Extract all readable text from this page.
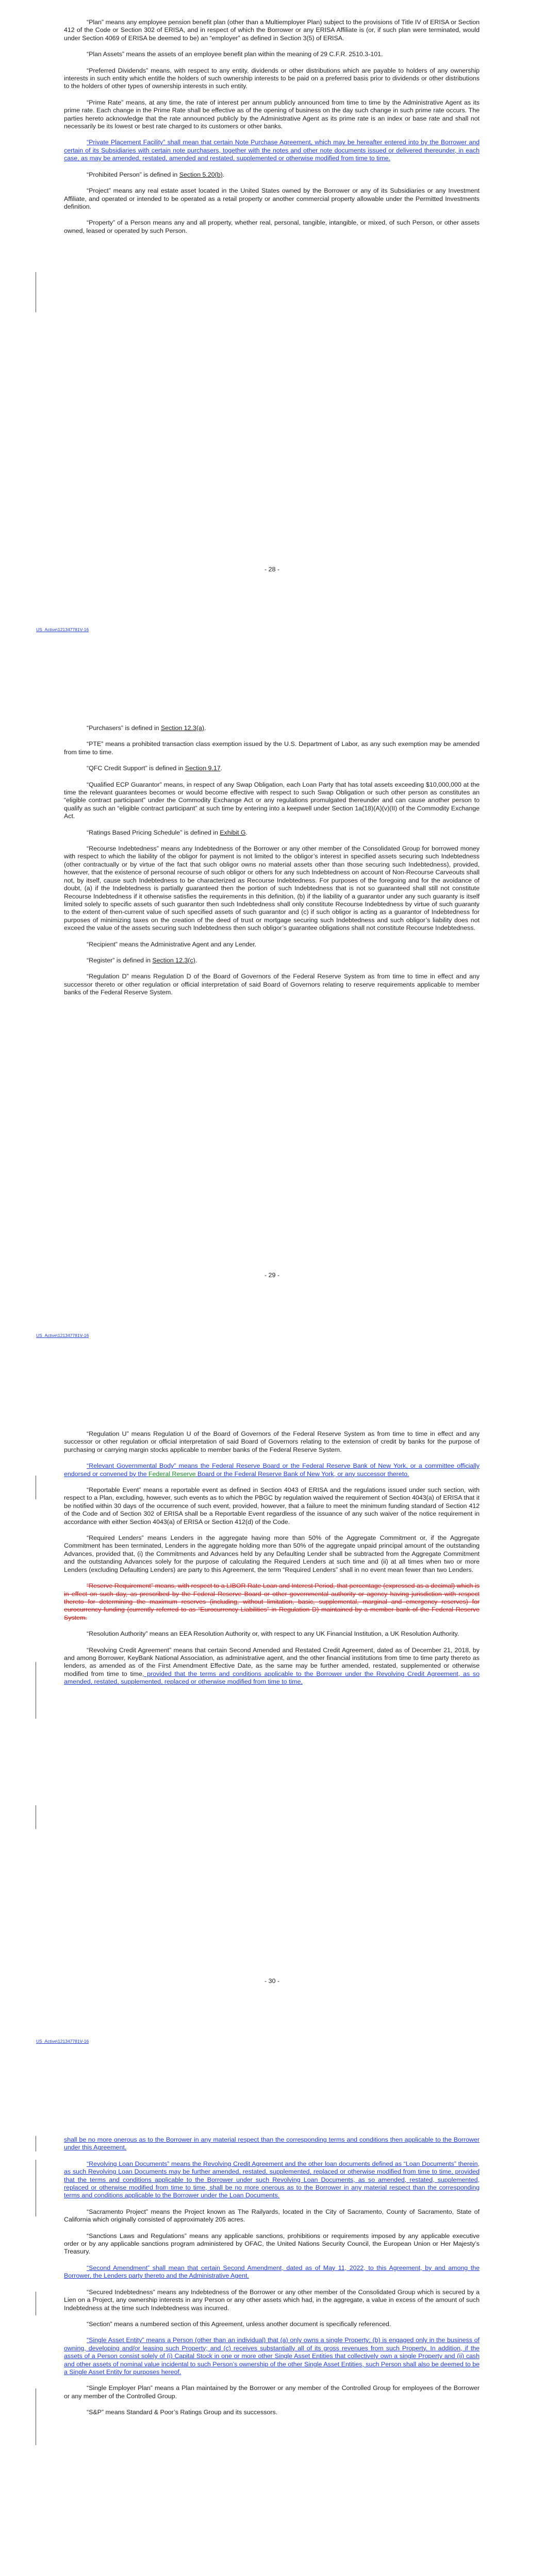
“Plan” means any employee pension benefit plan (other than a Multiemployer Plan) subject to the provisions of Title IV of ERISA or Section 412 of the Code or Section 302 of ERISA, and in respect of which the Borrower or any ERISA Affiliate is (or, if such plan were terminated, would under Section 4069 of ERISA be deemed to be) an “employer” as defined in Section 3(5) of ERISA.

“Plan Assets” means the assets of an employee benefit plan within the meaning of 29 C.F.R. 2510.3-101.

“Preferred Dividends” means, with respect to any entity, dividends or other distributions which are payable to holders of any ownership interests in such entity which entitle the holders of such ownership interests to be paid on a preferred basis prior to dividends or other distributions to the holders of other types of ownership interests in such entity.

“Prime Rate” means, at any time, the rate of interest per annum publicly announced from time to time by the Administrative Agent as its prime rate. Each change in the Prime Rate shall be effective as of the opening of business on the day such change in such prime rate occurs. The parties hereto acknowledge that the rate announced publicly by the Administrative Agent as its prime rate is an index or base rate and shall not necessarily be its lowest or best rate charged to its customers or other banks.

“Private Placement Facility” shall mean that certain Note Purchase Agreement, which may be hereafter entered into by the Borrower and certain of its Subsidiaries with certain note purchasers, together with the notes and other note documents issued or delivered thereunder, in each case, as may be amended, restated, amended and restated, supplemented or otherwise modified from time to time.

“Prohibited Person” is defined in Section 5.20(b).

“Project” means any real estate asset located in the United States owned by the Borrower or any of its Subsidiaries or any Investment Affiliate, and operated or intended to be operated as a retail property or another commercial property allowable under the Permitted Investments definition.

“Property” of a Person means any and all property, whether real, personal, tangible, intangible, or mixed, of such Person, or other assets owned, leased or operated by such Person.

- 28 -
US_Active\121347781V-16

“Purchasers” is defined in Section 12.3(a).

“PTE” means a prohibited transaction class exemption issued by the U.S. Department of Labor, as any such exemption may be amended from time to time.

“QFC Credit Support” is defined in Section 9.17.

“Qualified ECP Guarantor” means, in respect of any Swap Obligation, each Loan Party that has total assets exceeding $10,000,000 at the time the relevant guarantees becomes or would become effective with respect to such Swap Obligation or such other person as constitutes an “eligible contract participant” under the Commodity Exchange Act or any regulations promulgated thereunder and can cause another person to qualify as such an “eligible contract participant” at such time by entering into a keepwell under Section 1a(18)(A)(v)(II) of the Commodity Exchange Act.

“Ratings Based Pricing Schedule” is defined in Exhibit G.

“Recourse Indebtedness” means any Indebtedness of the Borrower or any other member of the Consolidated Group for borrowed money with respect to which the liability of the obligor for payment is not limited to the obligor’s interest in specified assets securing such Indebtedness (other contractually or by virtue of the fact that such obligor owns no material assets other than those securing such Indebtedness), provided, however, that the existence of personal recourse of such obligor or others for any such Indebtedness on account of Non-Recourse Carveouts shall not, by itself, cause such Indebtedness to be characterized as Recourse Indebtedness. For purposes of the foregoing and for the avoidance of doubt, (a) if the Indebtedness is partially guaranteed then the portion of such Indebtedness that is not so guaranteed shall still not constitute Recourse Indebtedness if it otherwise satisfies the requirements in this definition, (b) if the liability of a guarantor under any such guaranty is itself limited solely to specific assets of such guarantor then such Indebtedness shall only constitute Recourse Indebtedness by virtue of such guaranty to the extent of then-current value of such specified assets of such guarantor and (c) if such obligor is acting as a guarantor of Indebtedness for purposes of minimizing taxes on the creation of the deed of trust or mortgage securing such Indebtedness and such obligor’s liability does not exceed the value of the assets securing such Indebtedness then such obligor’s guarantee obligations shall not constitute Recourse Indebtedness.

“Recipient” means the Administrative Agent and any Lender.

“Register” is defined in Section 12.3(c).

“Regulation D” means Regulation D of the Board of Governors of the Federal Reserve System as from time to time in effect and any successor thereto or other regulation or official interpretation of said Board of Governors relating to reserve requirements applicable to member banks of the Federal Reserve System.

- 29 -
US_Active\121347781V-16

“Regulation U” means Regulation U of the Board of Governors of the Federal Reserve System as from time to time in effect and any successor or other regulation or official interpretation of said Board of Governors relating to the extension of credit by banks for the purpose of purchasing or carrying margin stocks applicable to member banks of the Federal Reserve System.

“Relevant Governmental Body” means the Federal Reserve Board or the Federal Reserve Bank of New York, or a committee officially endorsed or convened by the Federal Reserve Board or the Federal Reserve Bank of New York, or any successor thereto.

“Reportable Event” means a reportable event as defined in Section 4043 of ERISA and the regulations issued under such section, with respect to a Plan, excluding, however, such events as to which the PBGC by regulation waived the requirement of Section 4043(a) of ERISA that it be notified within 30 days of the occurrence of such event, provided, however, that a failure to meet the minimum funding standard of Section 412 of the Code and of Section 302 of ERISA shall be a Reportable Event regardless of the issuance of any such waiver of the notice requirement in accordance with either Section 4043(a) of ERISA or Section 412(d) of the Code.

“Required Lenders” means Lenders in the aggregate having more than 50% of the Aggregate Commitment or, if the Aggregate Commitment has been terminated, Lenders in the aggregate holding more than 50% of the aggregate unpaid principal amount of the outstanding Advances, provided that, (i) the Commitments and Advances held by any Defaulting Lender shall be subtracted from the Aggregate Commitment and the outstanding Advances solely for the purpose of calculating the Required Lenders at such time and (ii) at all times when two or more Lenders (excluding Defaulting Lenders) are party to this Agreement, the term “Required Lenders” shall in no event mean fewer than two Lenders.

“Reserve Requirement” means, with respect to a LIBOR Rate Loan and Interest Period, that percentage (expressed as a decimal) which is in effect on such day, as prescribed by the Federal Reserve Board or other governmental authority or agency having jurisdiction with respect thereto for determining the maximum reserves (including, without limitation, basic, supplemental, marginal and emergency reserves) for eurocurrency funding (currently referred to as “Eurocurrency Liabilities” in Regulation D) maintained by a member bank of the Federal Reserve System.

“Resolution Authority” means an EEA Resolution Authority or, with respect to any UK Financial Institution, a UK Resolution Authority.

“Revolving Credit Agreement” means that certain Second Amended and Restated Credit Agreement, dated as of December 21, 2018, by and among Borrower, KeyBank National Association, as administrative agent, and the other financial institutions from time to time party thereto as lenders, as amended as of the First Amendment Effective Date, as the same may be further amended, restated, supplemented or otherwise modified from time to time, provided that the terms and conditions applicable to the Borrower under the Revolving Credit Agreement, as so amended, restated, supplemented, replaced or otherwise modified from time to time,

- 30 -
US_Active\121347781V-16

shall be no more onerous as to the Borrower in any material respect than the corresponding terms and conditions then applicable to the Borrower under this Agreement.

“Revolving Loan Documents” means the Revolving Credit Agreement and the other loan documents defined as “Loan Documents” therein, as such Revolving Loan Documents may be further amended, restated, supplemented, replaced or otherwise modified from time to time, provided that the terms and conditions applicable to the Borrower under such Revolving Loan Documents, as so amended, restated, supplemented, replaced or otherwise modified from time to time, shall be no more onerous as to the Borrower in any material respect than the corresponding terms and conditions applicable to the Borrower under the Loan Documents.

“Sacramento Project” means the Project known as The Railyards, located in the City of Sacramento, County of Sacramento, State of California which originally consisted of approximately 205 acres.

“Sanctions Laws and Regulations” means any applicable sanctions, prohibitions or requirements imposed by any applicable executive order or by any applicable sanctions program administered by OFAC, the United Nations Security Council, the European Union or Her Majesty’s Treasury.

“Second Amendment” shall mean that certain Second Amendment, dated as of May 11, 2022, to this Agreement, by and among the Borrower, the Lenders party thereto and the Administrative Agent.

“Secured Indebtedness” means any Indebtedness of the Borrower or any other member of the Consolidated Group which is secured by a Lien on a Project, any ownership interests in any Person or any other assets which had, in the aggregate, a value in excess of the amount of such Indebtedness at the time such Indebtedness was incurred.

“Section” means a numbered section of this Agreement, unless another document is specifically referenced.

“Single Asset Entity” means a Person (other than an individual) that (a) only owns a single Property; (b) is engaged only in the business of owning, developing and/or leasing such Property; and (c) receives substantially all of its gross revenues from such Property. In addition, if the assets of a Person consist solely of (i) Capital Stock in one or more other Single Asset Entities that collectively own a single Property and (ii) cash and other assets of nominal value incidental to such Person’s ownership of the other Single Asset Entities, such Person shall also be deemed to be a Single Asset Entity for purposes hereof.

“Single Employer Plan” means a Plan maintained by the Borrower or any member of the Controlled Group for employees of the Borrower or any member of the Controlled Group.

“S&P” means Standard & Poor’s Ratings Group and its successors.
